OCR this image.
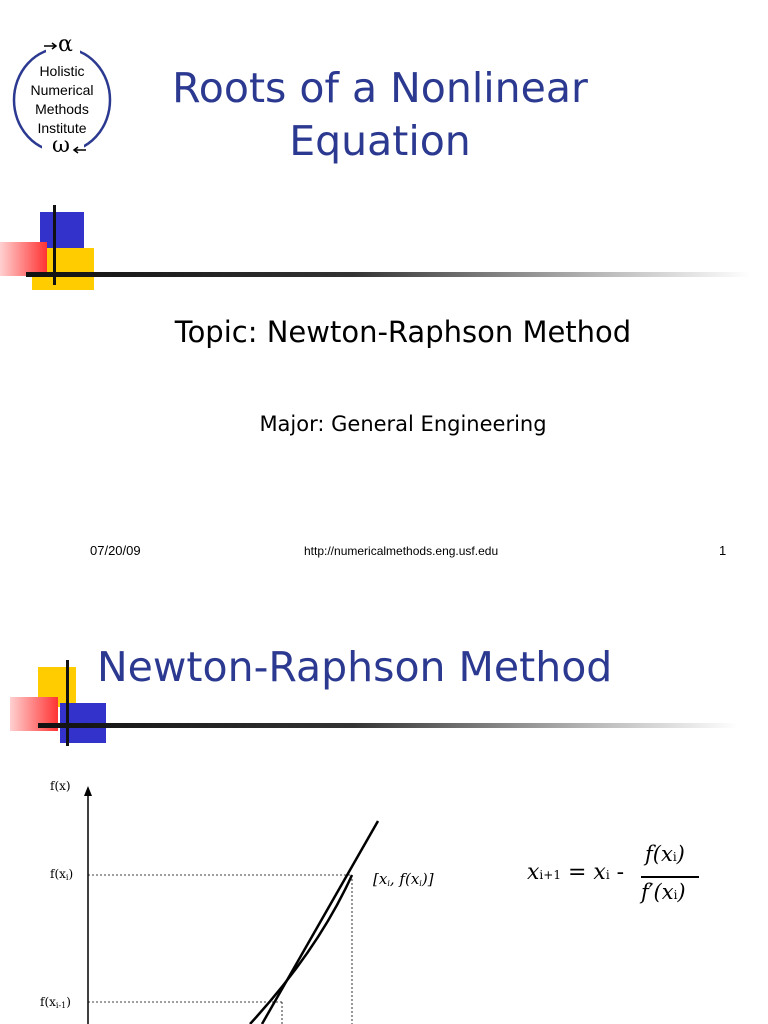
α
ω
Holistic
Numerical
Methods
Institute
Roots of a Nonlinear
Equation
Topic: Newton-Raphson Method
Major: General Engineering
07/20/09	http://numericalmethods.eng.usf.edu	1
Newton-Raphson Method
f(x)
$f(x_i)$
$f(x_{i-1})$
[$x_i$, $f(x_i)$]	xi+1 = xi -
f(xi)
f′(xi)
